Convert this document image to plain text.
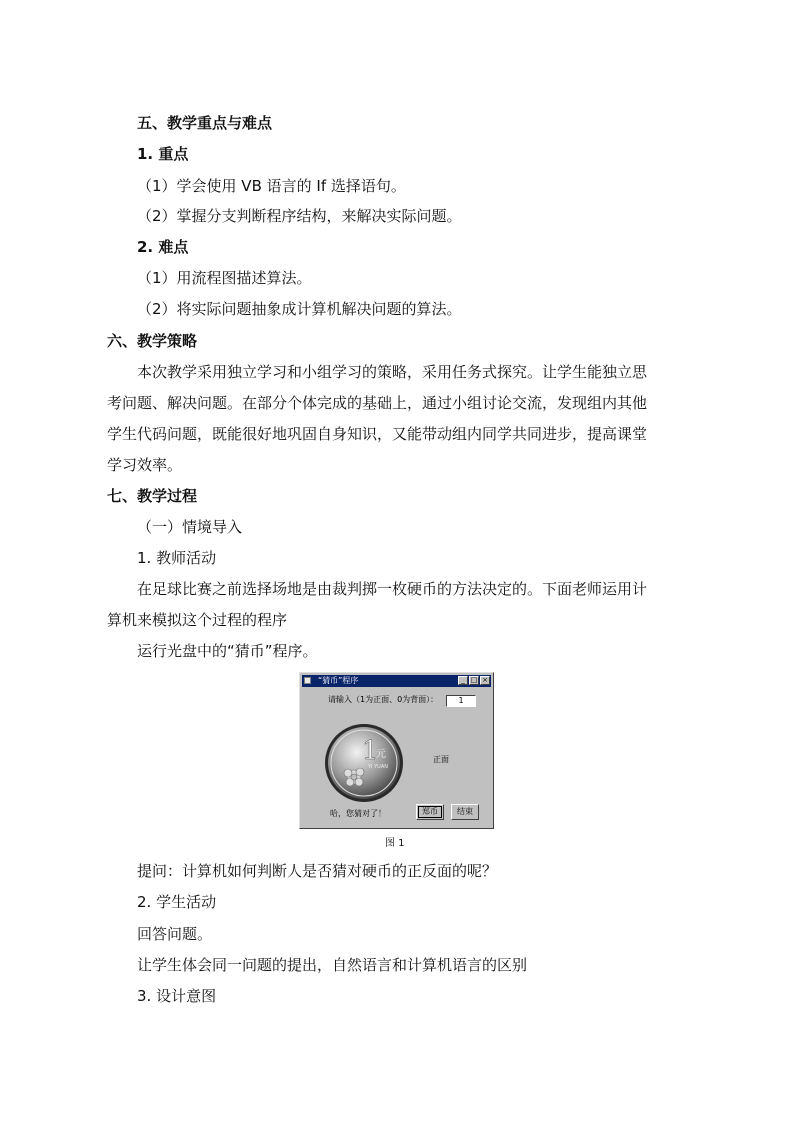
五、教学重点与难点
1. 重点
（1）学会使用 VB 语言的 If 选择语句。
（2）掌握分支判断程序结构，来解决实际问题。
2. 难点
（1）用流程图描述算法。
（2）将实际问题抽象成计算机解决问题的算法。
六、教学策略
本次教学采用独立学习和小组学习的策略，采用任务式探究。让学生能独立思
考问题、解决问题。在部分个体完成的基础上，通过小组讨论交流，发现组内其他
学生代码问题，既能很好地巩固自身知识，又能带动组内同学共同进步，提高课堂
学习效率。
七、教学过程
（一）情境导入
1. 教师活动
在足球比赛之前选择场地是由裁判掷一枚硬币的方法决定的。下面老师运用计
算机来模拟这个过程的程序
运行光盘中的“猜币”程序。
“猜币”程序	_ □ ×
请输入（1为正面、0为背面）：	1
1
元
YI YUAN
正面
哈，您猜对了！	郑币	结束
图 1
提问：计算机如何判断人是否猜对硬币的正反面的呢？
2. 学生活动
回答问题。
让学生体会同一问题的提出，自然语言和计算机语言的区别
3. 设计意图
